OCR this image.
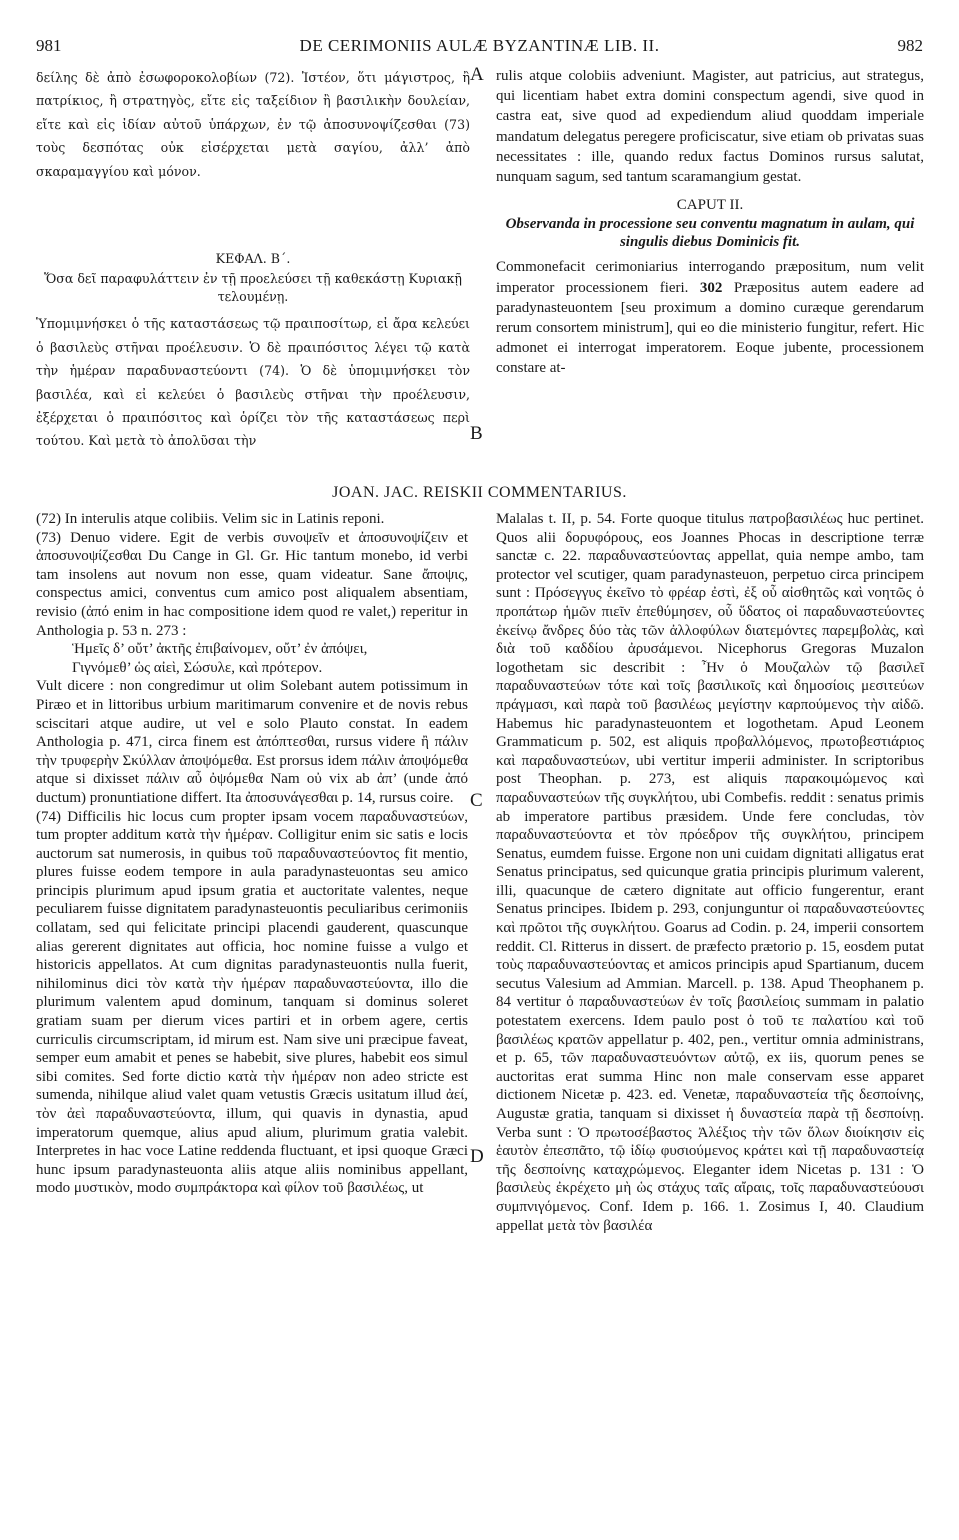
981	DE CERIMONIIS AULÆ BYZANTINÆ LIB. II.	982
A
B
C
D

δείλης δὲ ἀπὸ ἐσωφοροκολοβίων (72). Ἰστέον, ὅτι μάγιστρος, ἢ πατρίκιος, ἢ στρατηγὸς, εἴτε εἰς ταξείδιον ἢ βασιλικὴν δουλείαν, εἴτε καὶ εἰς ἰδίαν αὐτοῦ ὑπάρχων, ἐν τῷ ἀποσυνοψίζεσθαι (73) τοὺς δεσπότας οὐκ εἰσέρχεται μετὰ σαγίου, ἀλλ’ ἀπὸ σκαραμαγγίου καὶ μόνον.

ΚΕΦΑΛ. Β΄.

Ὅσα δεῖ παραφυλάττειν ἐν τῇ προελεύσει τῇ καθεκάστῃ Κυριακῇ τελουμένῃ.

Ὑπομιμνήσκει ὁ τῆς καταστάσεως τῷ πραιποσίτωρ, εἰ ἄρα κελεύει ὁ βασιλεὺς στῆναι προέλευσιν. Ὁ δὲ πραιπόσιτος λέγει τῷ κατὰ τὴν ἡμέραν παραδυναστεύοντι (74). Ὁ δὲ ὑπομιμνήσκει τὸν βασιλέα, καὶ εἰ κελεύει ὁ βασιλεὺς στῆναι τὴν προέλευσιν, ἐξέρχεται ὁ πραιπόσιτος καὶ ὁρίζει τὸν τῆς καταστάσεως περὶ τούτου. Καὶ μετὰ τὸ ἀπολῦσαι τὴν

rulis atque colobiis adveniunt. Magister, aut patricius, aut strategus, qui licentiam habet extra domini conspectum agendi, sive quod in castra eat, sive quod ad expediendum aliud quoddam imperiale mandatum delegatus peregere proficiscatur, sive etiam ob privatas suas necessitates : ille, quando redux factus Dominos rursus salutat, nunquam sagum, sed tantum scaramangium gestat.

CAPUT II.

Observanda in processione seu conventu magnatum in aulam, qui singulis diebus Dominicis fit.

Commonefacit cerimoniarius interrogando præpositum, num velit imperator processionem fieri. 302 Præpositus autem eadere ad paradynasteuontem [seu proximum a domino curæque gerendarum rerum consortem ministrum], qui eo die ministerio fungitur, refert. Hic admonet ei interrogat imperatorem. Eoque jubente, processionem constare at-

JOAN. JAC. REISKII COMMENTARIUS.

(72) In interulis atque colibiis. Velim sic in Latinis reponi.

(73) Denuo videre. Egit de verbis συνοψεῖν et ἀποσυνοψίζειν et ἀποσυνοψίζεσθαι Du Cange in Gl. Gr. Hic tantum monebo, id verbi tam insolens aut novum non esse, quam videatur. Sane ἄποψις, conspectus amici, conventus cum amico post aliqualem absentiam, revisio (ἀπό enim in hac compositione idem quod re valet,) reperitur in Anthologia p. 53 n. 273 :

Ἡμεῖς δ’ οὔτ’ ἀκτῆς ἐπιβαίνομεν, οὔτ’ ἐν ἀπόψει,

Γιγνόμεθ’ ὡς αἰεὶ, Σώσυλε, καὶ πρότερον.

Vult dicere : non congredimur ut olim Solebant autem potissimum in Piræo et in littoribus urbium maritimarum convenire et de novis rebus sciscitari atque audire, ut vel e solo Plauto constat. In eadem Anthologia p. 471, circa finem est ἀπόπτεσθαι, rursus videre ἢ πάλιν τὴν τρυφερὴν Σκύλλαν ἀποψόμεθα. Est prorsus idem πάλιν ἀποψόμεθα atque si dixisset πάλιν αὖ ὀψόμεθα Nam οὐ vix ab ἀπ’ (unde ἀπό ductum) pronuntiatione differt. Ita ἀποσυνάγεσθαι p. 14, rursus coire.

(74) Difficilis hic locus cum propter ipsam vocem παραδυναστεύων, tum propter additum κατὰ τὴν ἡμέραν. Colligitur enim sic satis e locis auctorum sat numerosis, in quibus τοῦ παραδυναστεύοντος fit mentio, plures fuisse eodem tempore in aula paradynasteuontas seu amico principis plurimum apud ipsum gratia et auctoritate valentes, neque peculiarem fuisse dignitatem paradynasteuontis peculiaribus cerimoniis collatam, sed qui felicitate principi placendi gauderent, quascunque alias gererent dignitates aut officia, hoc nomine fuisse a vulgo et historicis appellatos. At cum dignitas paradynasteuontis nulla fuerit, nihilominus dici τὸν κατὰ τὴν ἡμέραν παραδυναστεύοντα, illo die plurimum valentem apud dominum, tanquam si dominus soleret gratiam suam per dierum vices partiri et in orbem agere, certis curriculis circumscriptam, id mirum est. Nam sive uni præcipue faveat, semper eum amabit et penes se habebit, sive plures, habebit eos simul sibi comites. Sed forte dictio κατὰ τὴν ἡμέραν non adeo stricte est sumenda, nihilque aliud valet quam vetustis Græcis usitatum illud ἀεί, τὸν ἀεὶ παραδυναστεύοντα, illum, qui quavis in dynastia, apud imperatorum quemque, alius apud alium, plurimum gratia valebit. Interpretes in hac voce Latine reddenda fluctuant, et ipsi quoque Græci hunc ipsum paradynasteuonta aliis atque aliis nominibus appellant, modo μυστικὸν, modo συμπράκτορα καὶ φίλον τοῦ βασιλέως, ut

Malalas t. II, p. 54. Forte quoque titulus πατροβασιλέως huc pertinet. Quos alii δορυφόρους, eos Joannes Phocas in descriptione terræ sanctæ c. 22. παραδυναστεύοντας appellat, quia nempe ambo, tam protector vel scutiger, quam paradynasteuon, perpetuo circa principem sunt : Πρόσεγγυς ἐκεῖνο τὸ φρέαρ ἐστὶ, ἐξ οὗ αἰσθητῶς καὶ νοητῶς ὁ προπάτωρ ἡμῶν πιεῖν ἐπεθύμησεν, οὗ ὕδατος οἱ παραδυναστεύοντες ἐκείνῳ ἄνδρες δύο τὰς τῶν ἀλλοφύλων διατεμόντες παρεμβολὰς, καὶ διὰ τοῦ καδδίου ἀρυσάμενοι. Nicephorus Gregoras Muzalon logothetam sic describit : Ἦν ὁ Μουζαλὼν τῷ βασιλεῖ παραδυναστεύων τότε καὶ τοῖς βασιλικοῖς καὶ δημοσίοις μεσιτεύων πράγμασι, καὶ παρὰ τοῦ βασιλέως μεγίστην καρπούμενος τὴν αἰδῶ. Habemus hic paradynasteuontem et logothetam. Apud Leonem Grammaticum p. 502, est aliquis προβαλλόμενος, πρωτοβεστιάριος καὶ παραδυναστεύων, ubi vertitur imperii administer. In scriptoribus post Theophan. p. 273, est aliquis παρακοιμώμενος καὶ παραδυναστεύων τῆς συγκλήτου, ubi Combefis. reddit : senatus primis ab imperatore partibus præsidem. Unde fere concludas, τὸν παραδυναστεύοντα et τὸν πρόεδρον τῆς συγκλήτου, principem Senatus, eumdem fuisse. Ergone non uni cuidam dignitati alligatus erat Senatus principatus, sed quicunque gratia principis plurimum valerent, illi, quacunque de cætero dignitate aut officio fungerentur, erant Senatus principes. Ibidem p. 293, conjunguntur οἱ παραδυναστεύοντες καὶ πρῶτοι τῆς συγκλήτου. Goarus ad Codin. p. 24, imperii consortem reddit. Cl. Ritterus in dissert. de præfecto prætorio p. 15, eosdem putat τοὺς παραδυναστεύοντας et amicos principis apud Spartianum, ducem secutus Valesium ad Ammian. Marcell. p. 138. Apud Theophanem p. 84 vertitur ὁ παραδυναστεύων ἐν τοῖς βασιλείοις summam in palatio potestatem exercens. Idem paulo post ὁ τοῦ τε παλατίου καὶ τοῦ βασιλέως κρατῶν appellatur p. 402, pen., vertitur omnia administrans, et p. 65, τῶν παραδυναστευόντων αὐτῷ, ex iis, quorum penes se auctoritas erat summa Hinc non male conservam esse apparet dictionem Nicetæ p. 423. ed. Venetæ, παραδυναστεία τῆς δεσποίνης, Augustæ gratia, tanquam si dixisset ἡ δυναστεία παρὰ τῇ δεσποίνῃ. Verba sunt : Ὁ πρωτοσέβαστος Ἀλέξιος τὴν τῶν ὅλων διοίκησιν εἰς ἑαυτὸν ἐπεσπᾶτο, τῷ ἰδίῳ φυσιούμενος κράτει καὶ τῇ παραδυναστείᾳ τῆς δεσποίνης καταχρώμενος. Eleganter idem Nicetas p. 131 : Ὁ βασιλεὺς ἐκρέχετο μὴ ὡς στάχυς ταῖς αἴραις, τοῖς παραδυναστεύουσι συμπνιγόμενος. Conf. Idem p. 166. 1. Zosimus I, 40. Claudium appellat μετὰ τὸν βασιλέα
